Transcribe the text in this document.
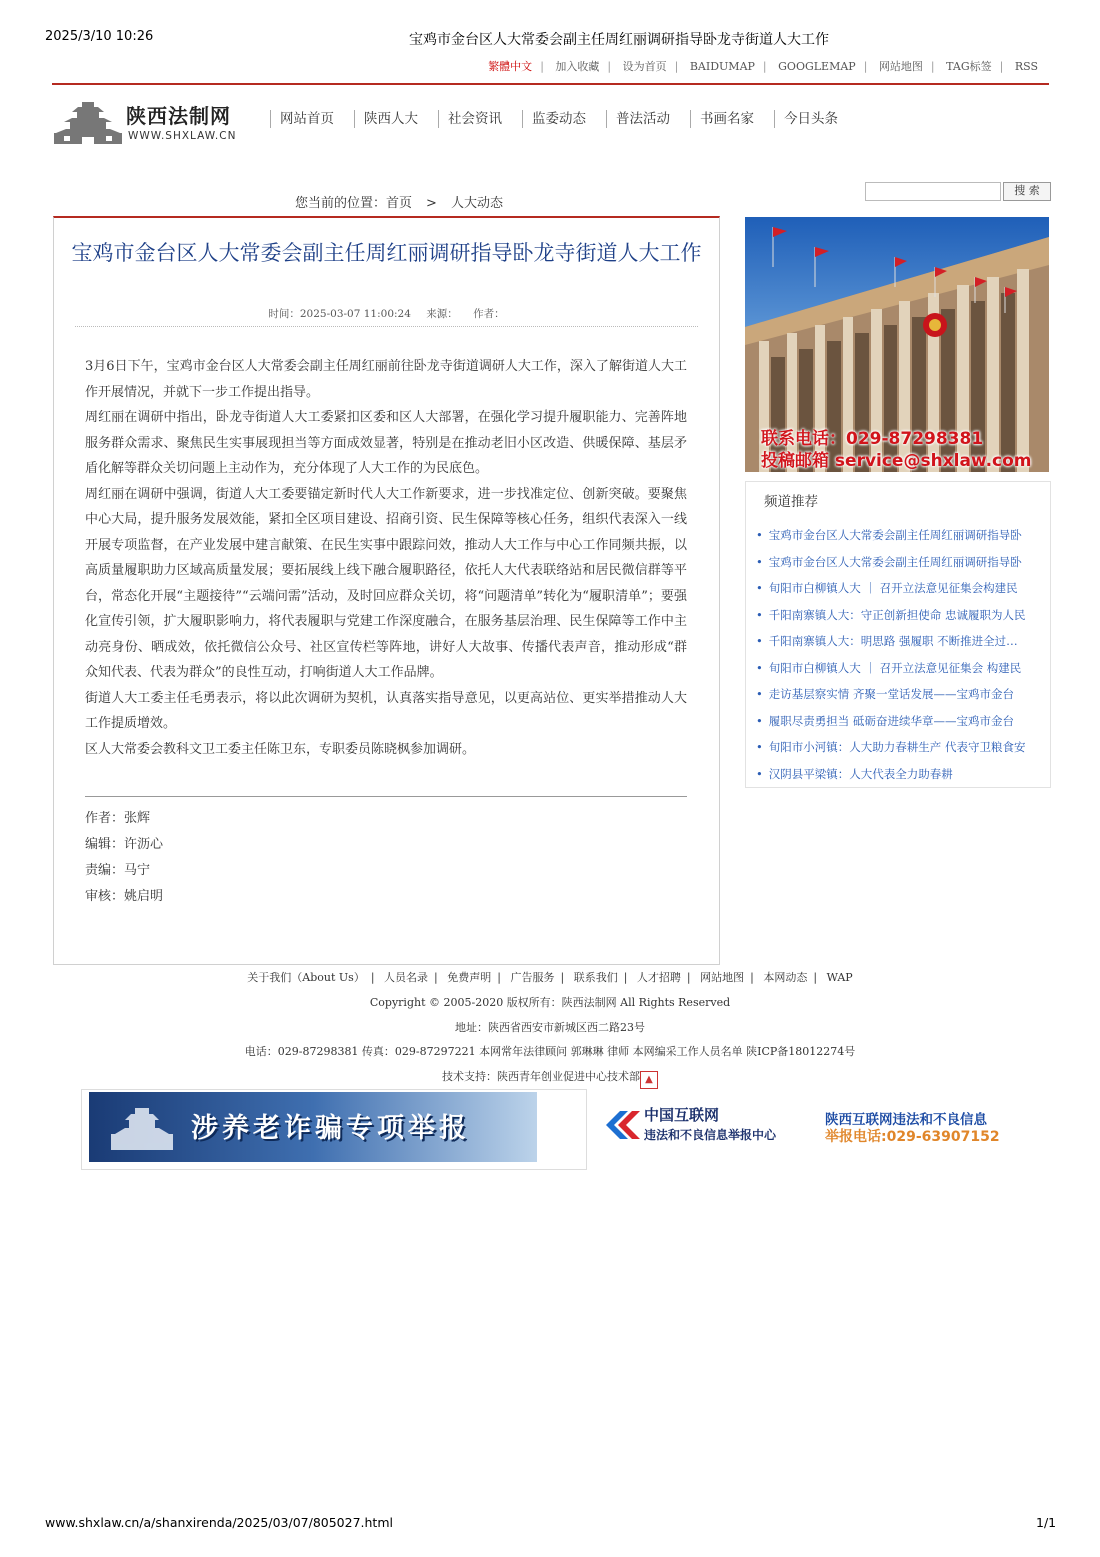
2025/3/10 10:26	宝鸡市金台区人大常委会副主任周红丽调研指导卧龙寺街道人大工作
繁體中文 | 加入收藏 | 设为首页 | BAIDUMAP | GOOGLEMAP | 网站地图 | TAG标签 | RSS
陕西法制网
WWW.SHXLAW.CN
网站首页 陕西人大 社会资讯 监委动态 普法活动 书画名家 今日头条
您当前的位置：首页 > 人大动态
搜 索
宝鸡市金台区人大常委会副主任周红丽调研指导卧龙寺街道人大工作
时间：2025-03-07 11:00:24 来源： 作者：

3月6日下午，宝鸡市金台区人大常委会副主任周红丽前往卧龙寺街道调研人大工作，深入了解街道人大工作开展情况，并就下一步工作提出指导。

周红丽在调研中指出，卧龙寺街道人大工委紧扣区委和区人大部署，在强化学习提升履职能力、完善阵地服务群众需求、聚焦民生实事展现担当等方面成效显著，特别是在推动老旧小区改造、供暖保障、基层矛盾化解等群众关切问题上主动作为，充分体现了人大工作的为民底色。

周红丽在调研中强调，街道人大工委要锚定新时代人大工作新要求，进一步找准定位、创新突破。要聚焦中心大局，提升服务发展效能，紧扣全区项目建设、招商引资、民生保障等核心任务，组织代表深入一线开展专项监督，在产业发展中建言献策、在民生实事中跟踪问效，推动人大工作与中心工作同频共振，以高质量履职助力区域高质量发展；要拓展线上线下融合履职路径，依托人大代表联络站和居民微信群等平台，常态化开展“主题接待”“云端问需”活动，及时回应群众关切，将“问题清单”转化为“履职清单”；要强化宣传引领，扩大履职影响力，将代表履职与党建工作深度融合，在服务基层治理、民生保障等工作中主动亮身份、晒成效，依托微信公众号、社区宣传栏等阵地，讲好人大故事、传播代表声音，推动形成“群众知代表、代表为群众”的良性互动，打响街道人大工作品牌。

街道人大工委主任毛勇表示，将以此次调研为契机，认真落实指导意见，以更高站位、更实举措推动人大工作提质增效。

区人大常委会教科文卫工委主任陈卫东，专职委员陈晓枫参加调研。

作者：张辉
编辑：许沥心
责编：马宁
审核：姚启明
联系电话：029-87298381
投稿邮箱 service@shxlaw.com
频道推荐
• 宝鸡市金台区人大常委会副主任周红丽调研指导卧
• 宝鸡市金台区人大常委会副主任周红丽调研指导卧
• 旬阳市白柳镇人大 ｜ 召开立法意见征集会构建民
• 千阳南寨镇人大：守正创新担使命 忠诚履职为人民
• 千阳南寨镇人大：明思路 强履职 不断推进全过…
• 旬阳市白柳镇人大 ｜ 召开立法意见征集会 构建民
• 走访基层察实情 齐聚一堂话发展——宝鸡市金台
• 履职尽责勇担当 砥砺奋进续华章——宝鸡市金台
• 旬阳市小河镇：人大助力春耕生产 代表守卫粮食安
• 汉阴县平梁镇：人大代表全力助春耕
关于我们（About Us） | 人员名录 | 免费声明 | 广告服务 | 联系我们 | 人才招聘 | 网站地图 | 本网动态 | WAP
Copyright © 2005-2020 版权所有：陕西法制网 All Rights Reserved
地址：陕西省西安市新城区西二路23号
电话：029-87298381 传真：029-87297221 本网常年法律顾问 郭琳琳 律师 本网编采工作人员名单 陕ICP备18012274号
技术支持：陕西青年创业促进中心技术部 ▲
涉养老诈骗专项举报	中国互联网
违法和不良信息举报中心
陕西互联网违法和不良信息
举报电话:029-63907152
www.shxlaw.cn/a/shanxirenda/2025/03/07/805027.html	1/1
